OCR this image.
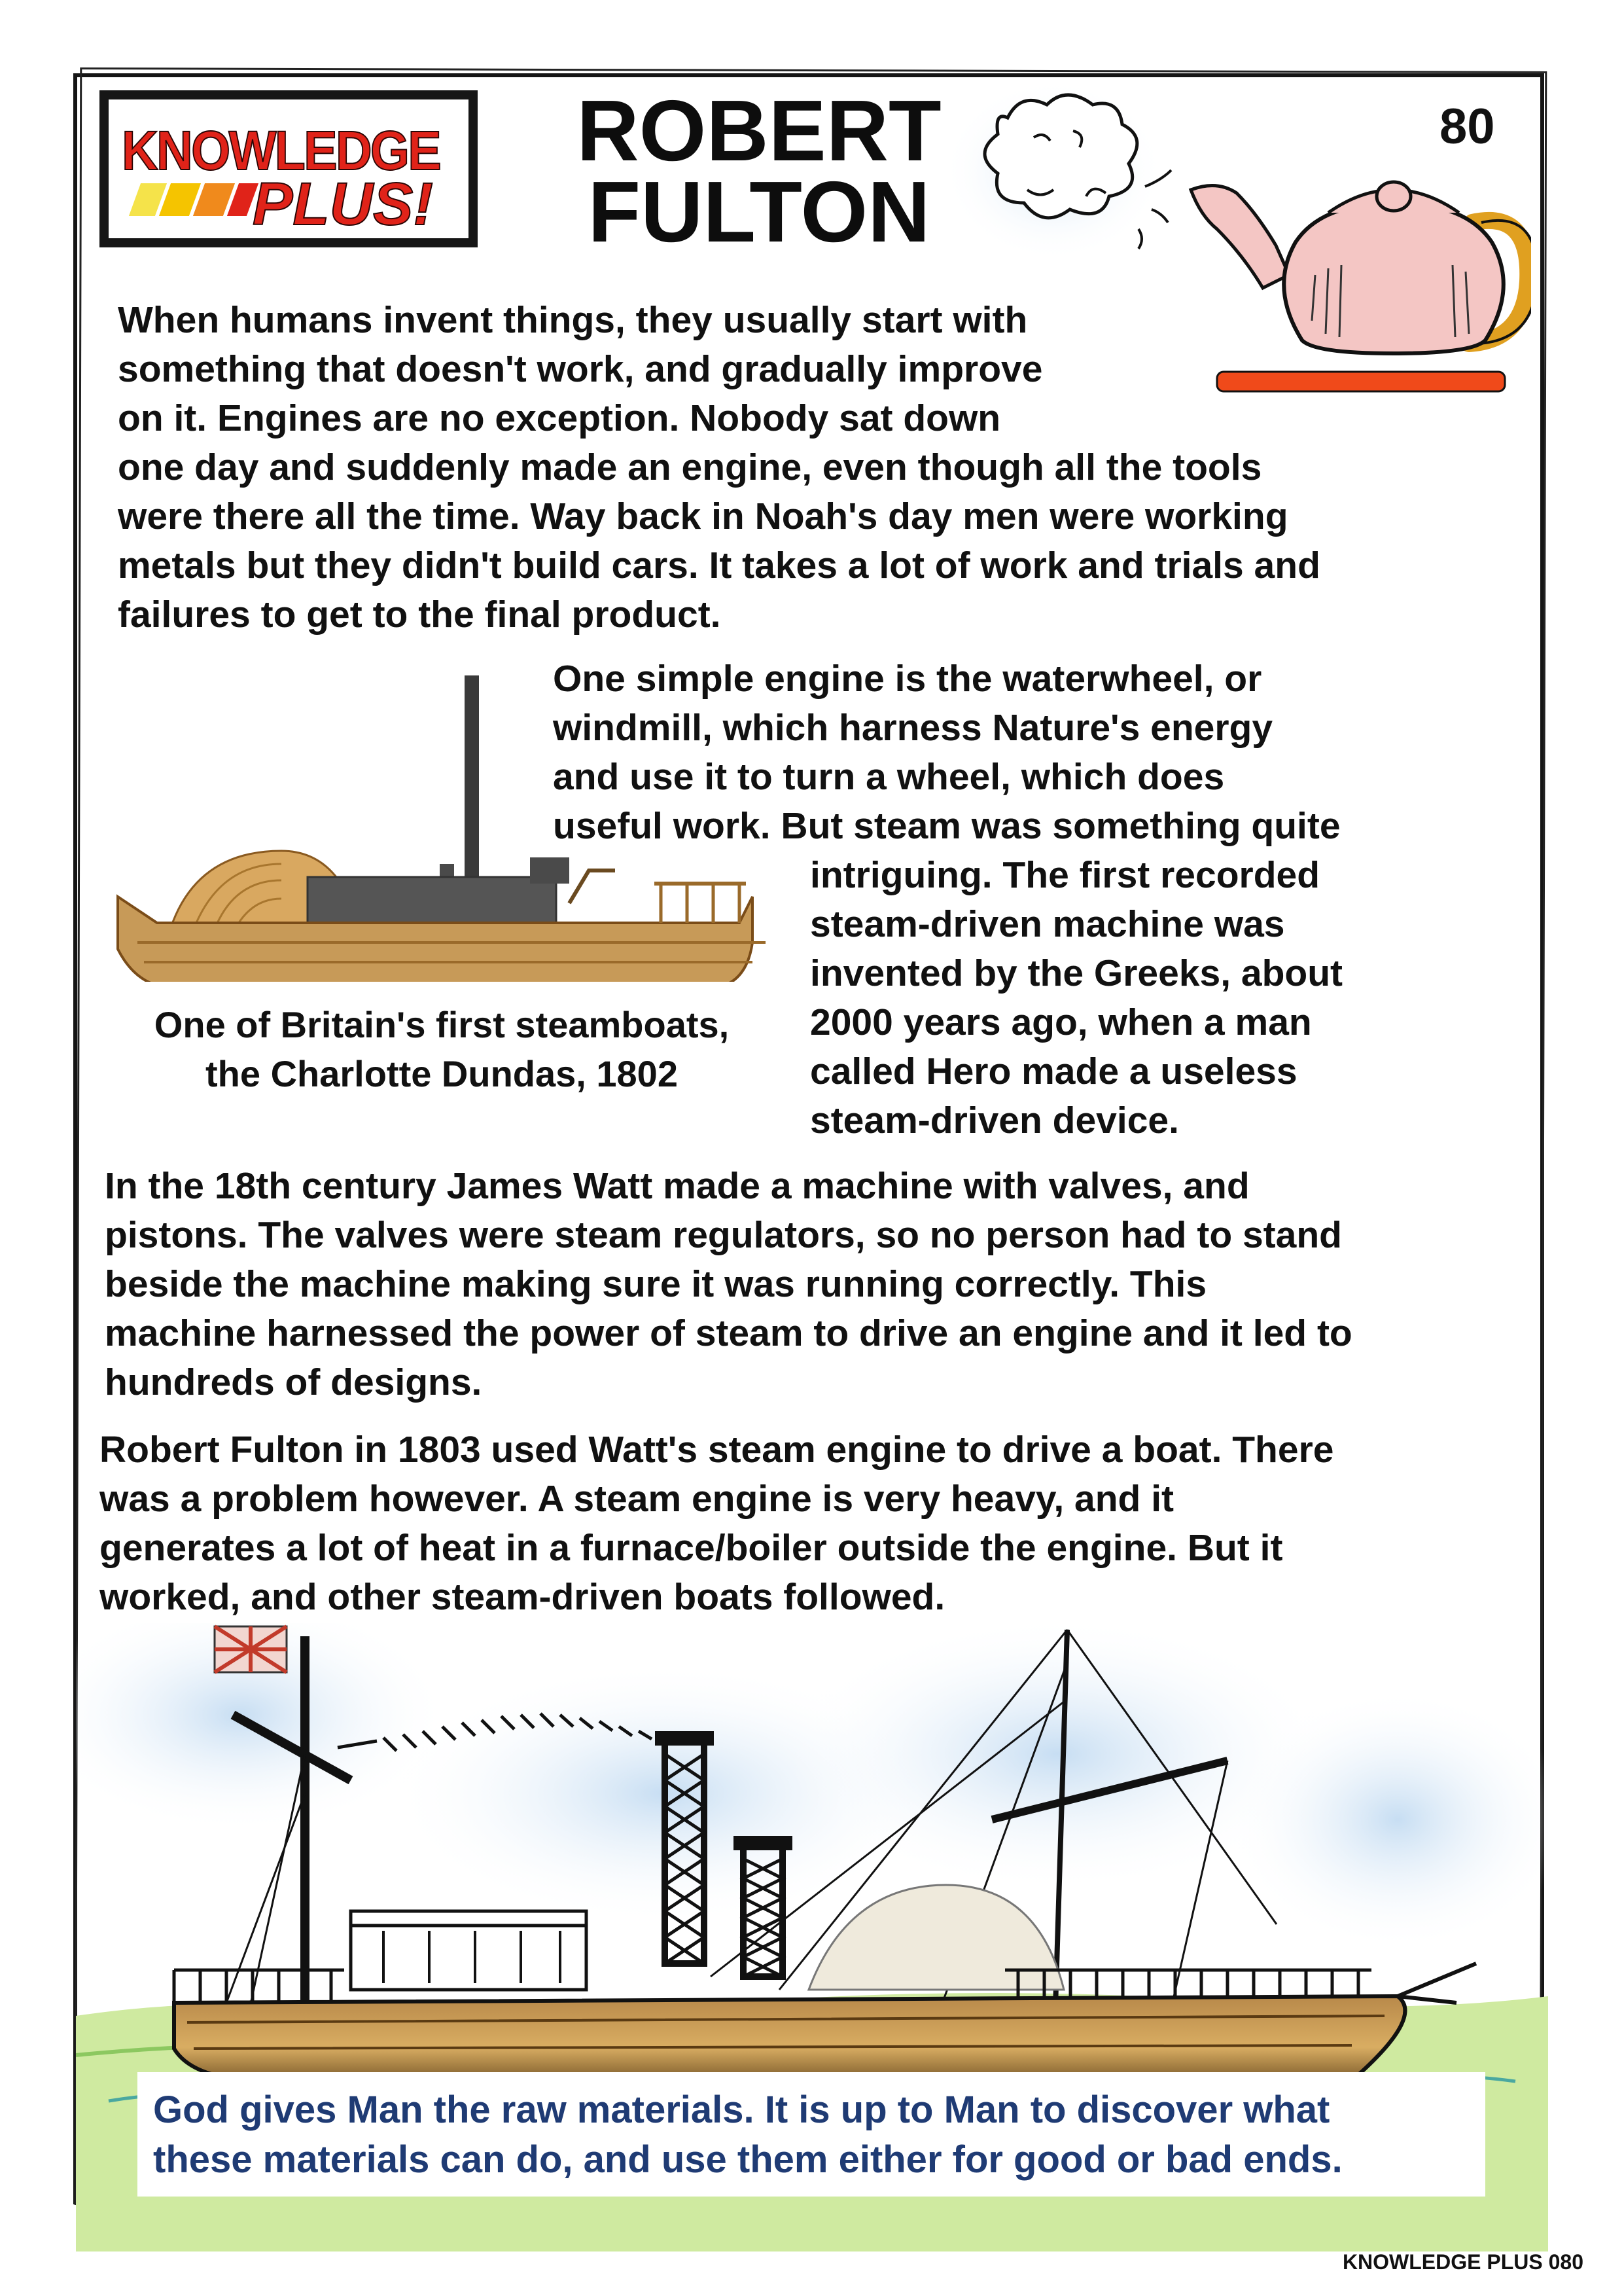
KNOWLEDGE
PLUS!
ROBERT
FULTON
80
When humans invent things, they usually start with
something that doesn't work, and gradually improve
on it. Engines are no exception. Nobody sat down
one day and suddenly made an engine, even though all the tools
were there all the time. Way back in Noah's day men were working
metals but they didn't build cars. It takes a lot of work and trials and
failures to get to the final product.
One simple engine is the waterwheel, or
windmill, which harness Nature's energy
and use it to turn a wheel, which does
useful work. But steam was something quite
intriguing. The first recorded
steam-driven machine was
invented by the Greeks, about
2000 years ago, when a man
called Hero made a useless
steam-driven device.
One of Britain's first steamboats,
the Charlotte Dundas, 1802
In the 18th century James Watt made a machine with valves, and
pistons. The valves were steam regulators, so no person had to stand
beside the machine making sure it was running correctly. This
machine harnessed the power of steam to drive an engine and it led to
hundreds of designs.
Robert Fulton in 1803 used Watt's steam engine to drive a boat. There
was a problem however. A steam engine is very heavy, and it
generates a lot of heat in a furnace/boiler outside the engine. But it
worked, and other steam-driven boats followed.
God gives Man the raw materials. It is up to Man to discover what
these materials can do, and use them either for good or bad ends.
KNOWLEDGE PLUS 080
